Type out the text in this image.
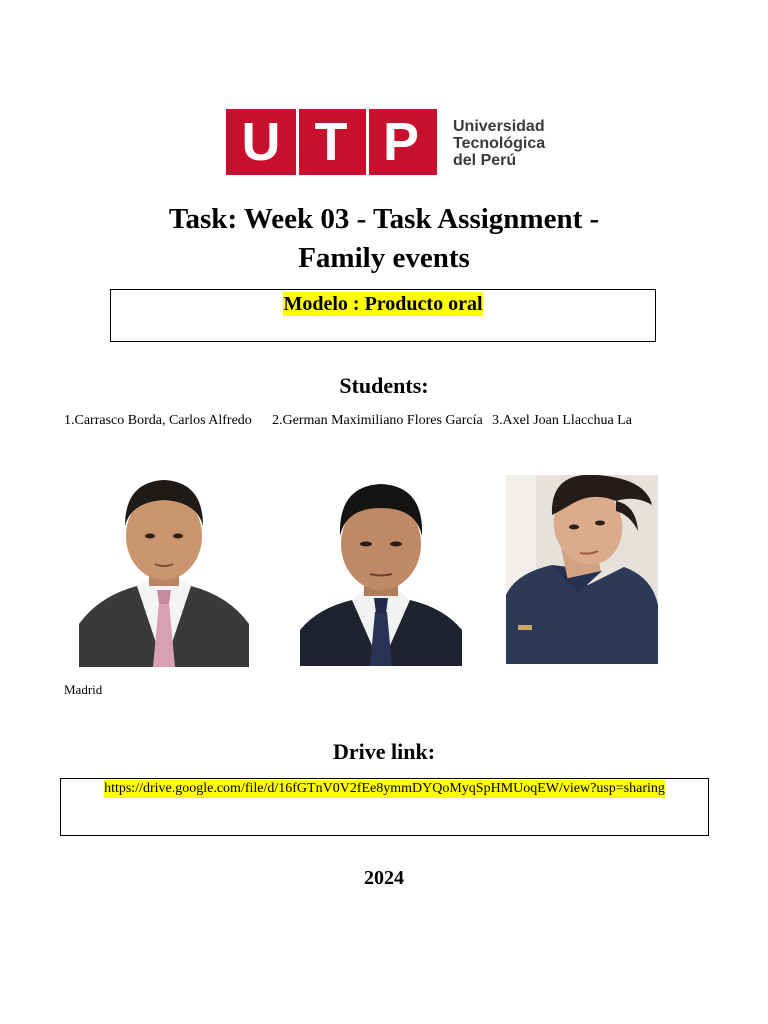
U T P	Universidad
Tecnológica
del Perú
Task: Week 03 - Task Assignment -
Family events
Modelo : Producto oral
Students:
1.Carrasco Borda, Carlos Alfredo 2.German Maximiliano Flores García 3.Axel Joan Llacchua La
Madrid
Drive link:
https://drive.google.com/file/d/16fGTnV0V2fEe8ymmDYQoMyqSpHMUoqEW/view?usp=sharing
2024
